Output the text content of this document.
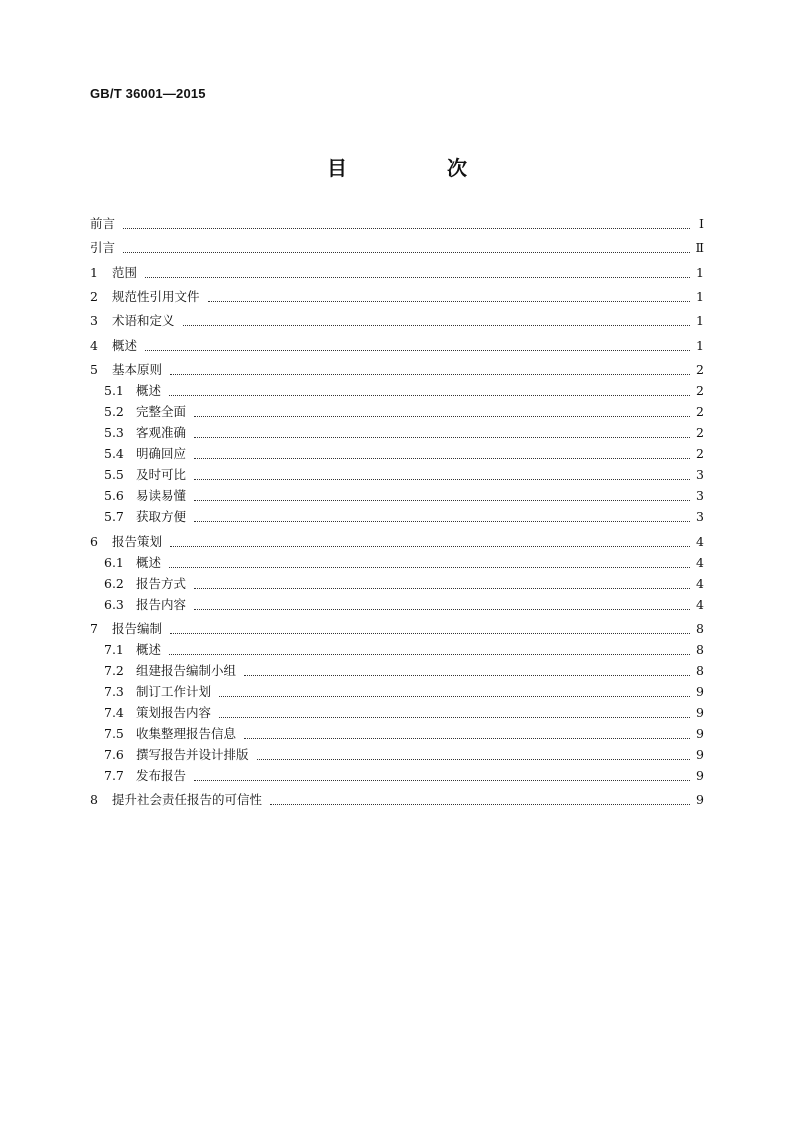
GB/T 36001—2015
目　次
前言	Ⅰ
引言	Ⅱ
1	范围	1
2	规范性引用文件	1
3	术语和定义	1
4	概述	1
5	基本原则	2
5.1 概述	2
5.2 完整全面	2
5.3 客观准确	2
5.4 明确回应	2
5.5 及时可比	3
5.6 易读易懂	3
5.7 获取方便	3
6	报告策划	4
6.1 概述	4
6.2 报告方式	4
6.3 报告内容	4
7	报告编制	8
7.1 概述	8
7.2 组建报告编制小组	8
7.3 制订工作计划	9
7.4 策划报告内容	9
7.5 收集整理报告信息	9
7.6 撰写报告并设计排版	9
7.7 发布报告	9
8	提升社会责任报告的可信性	9
